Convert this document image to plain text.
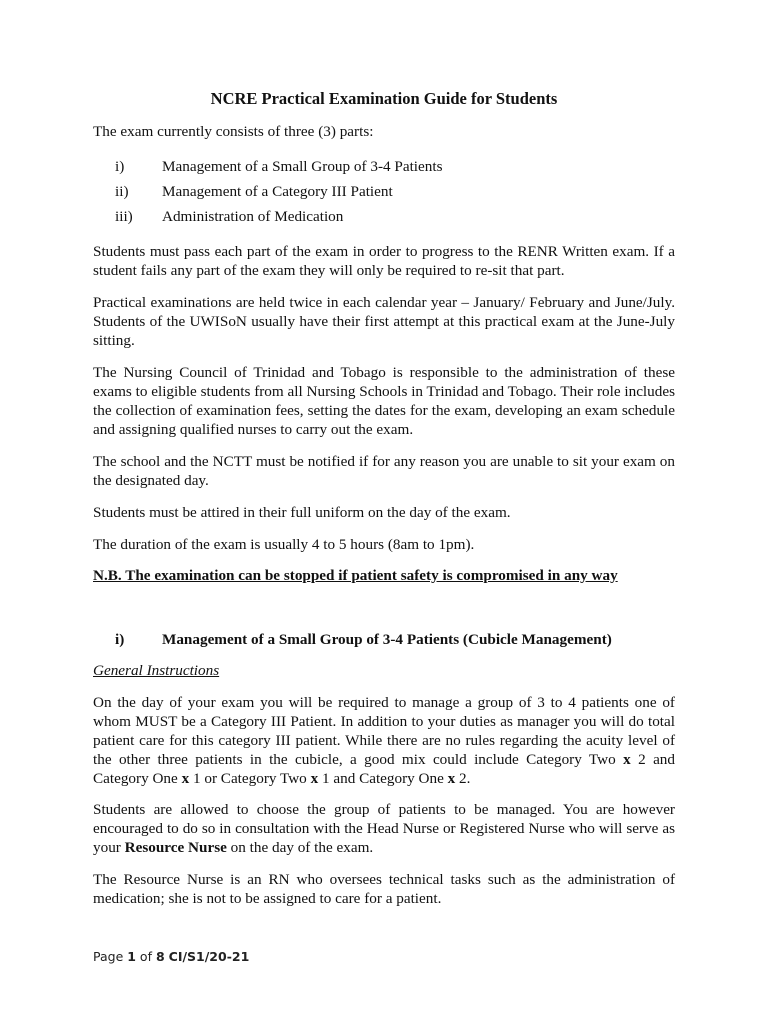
NCRE Practical Examination Guide for Students
The exam currently consists of three (3) parts:
i) Management of a Small Group of 3-4 Patients
ii) Management of a Category III Patient
iii) Administration of Medication
Students must pass each part of the exam in order to progress to the RENR Written exam. If a student fails any part of the exam they will only be required to re-sit that part.
Practical examinations are held twice in each calendar year – January/ February and June/July. Students of the UWISoN usually have their first attempt at this practical exam at the June-July sitting.
The Nursing Council of Trinidad and Tobago is responsible to the administration of these exams to eligible students from all Nursing Schools in Trinidad and Tobago. Their role includes the collection of examination fees, setting the dates for the exam, developing an exam schedule and assigning qualified nurses to carry out the exam.
The school and the NCTT must be notified if for any reason you are unable to sit your exam on the designated day.
Students must be attired in their full uniform on the day of the exam.
The duration of the exam is usually 4 to 5 hours (8am to 1pm).
N.B. The examination can be stopped if patient safety is compromised in any way
i) Management of a Small Group of 3-4 Patients (Cubicle Management)
General Instructions
On the day of your exam you will be required to manage a group of 3 to 4 patients one of whom MUST be a Category III Patient. In addition to your duties as manager you will do total patient care for this category III patient. While there are no rules regarding the acuity level of the other three patients in the cubicle, a good mix could include Category Two x 2 and Category One x 1 or Category Two x 1 and Category One x 2.
Students are allowed to choose the group of patients to be managed. You are however encouraged to do so in consultation with the Head Nurse or Registered Nurse who will serve as your Resource Nurse on the day of the exam.
The Resource Nurse is an RN who oversees technical tasks such as the administration of medication; she is not to be assigned to care for a patient.
Page 1 of 8 CI/S1/20-21
